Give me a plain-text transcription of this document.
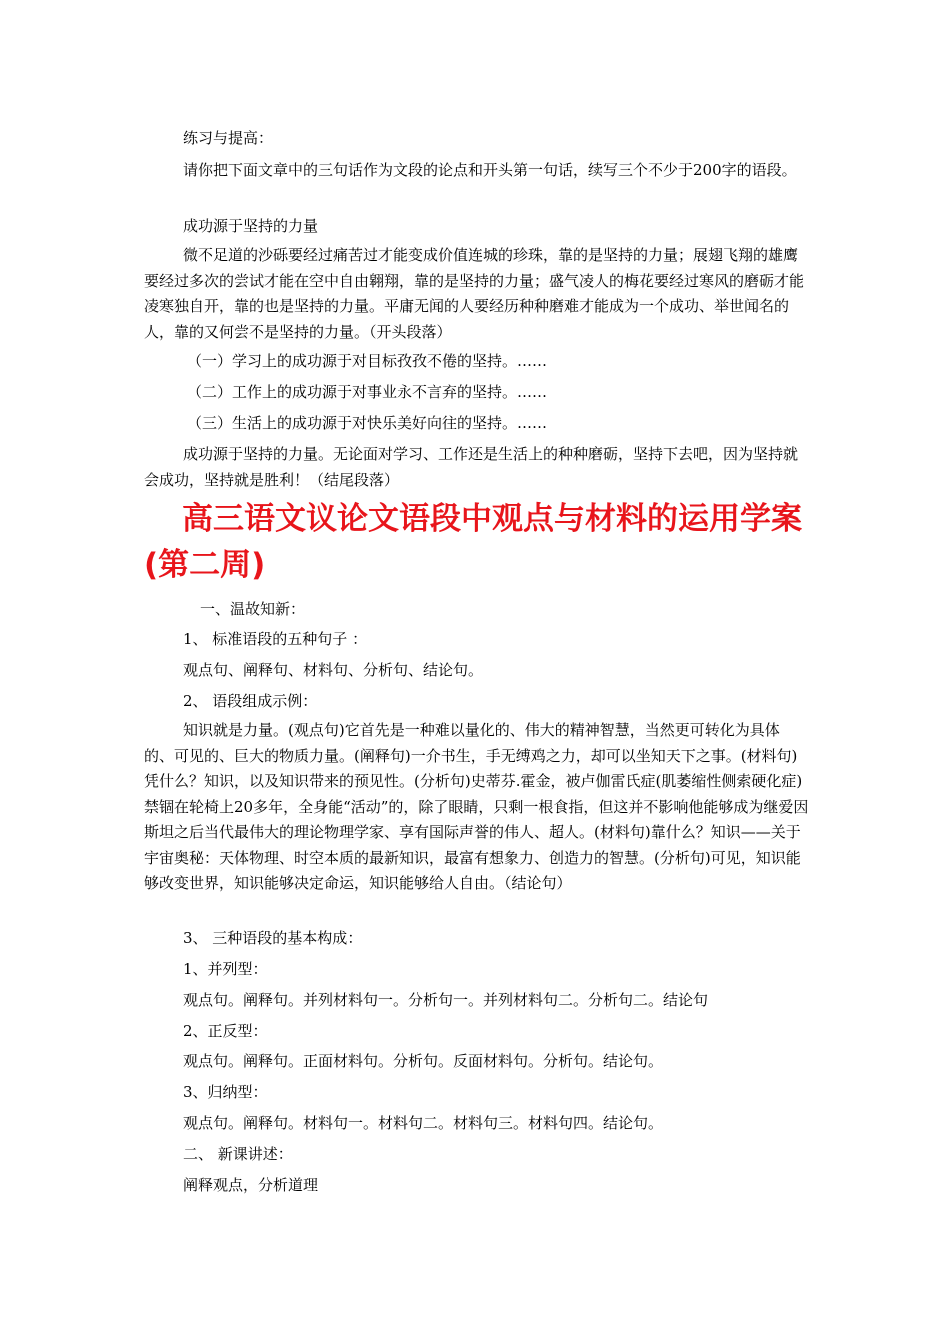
练习与提高：
请你把下面文章中的三句话作为文段的论点和开头第一句话，续写三个不少于200字的语段。
成功源于坚持的力量
微不足道的沙砾要经过痛苦过才能变成价值连城的珍珠，靠的是坚持的力量；展翅飞翔的雄鹰要经过多次的尝试才能在空中自由翱翔，靠的是坚持的力量；盛气凌人的梅花要经过寒风的磨砺才能凌寒独自开，靠的也是坚持的力量。平庸无闻的人要经历种种磨难才能成为一个成功、举世闻名的人，靠的又何尝不是坚持的力量。（开头段落）
（一）学习上的成功源于对目标孜孜不倦的坚持。……
（二）工作上的成功源于对事业永不言弃的坚持。……
（三）生活上的成功源于对快乐美好向往的坚持。……
成功源于坚持的力量。无论面对学习、工作还是生活上的种种磨砺，坚持下去吧，因为坚持就会成功，坚持就是胜利！（结尾段落）
高三语文议论文语段中观点与材料的运用学案(第二周)
一、温故知新：
1、 标准语段的五种句子 ：
观点句、阐释句、材料句、分析句、结论句。
2、 语段组成示例：
知识就是力量。(观点句)它首先是一种难以量化的、伟大的精神智慧，当然更可转化为具体的、可见的、巨大的物质力量。(阐释句)一介书生，手无缚鸡之力，却可以坐知天下之事。(材料句)凭什么？知识，以及知识带来的预见性。(分析句)史蒂芬.霍金，被卢伽雷氏症(肌萎缩性侧索硬化症)禁锢在轮椅上20多年，全身能“活动”的，除了眼睛，只剩一根食指，但这并不影响他能够成为继爱因斯坦之后当代最伟大的理论物理学家、享有国际声誉的伟人、超人。(材料句)靠什么？知识——关于宇宙奥秘：天体物理、时空本质的最新知识，最富有想象力、创造力的智慧。(分析句)可见，知识能够改变世界，知识能够决定命运，知识能够给人自由。（结论句）
3、 三种语段的基本构成：
1、并列型：
观点句。阐释句。并列材料句一。分析句一。并列材料句二。分析句二。结论句
2、正反型：
观点句。阐释句。正面材料句。分析句。反面材料句。分析句。结论句。
3、归纳型：
观点句。阐释句。材料句一。材料句二。材料句三。材料句四。结论句。
二、 新课讲述：
阐释观点，分析道理
